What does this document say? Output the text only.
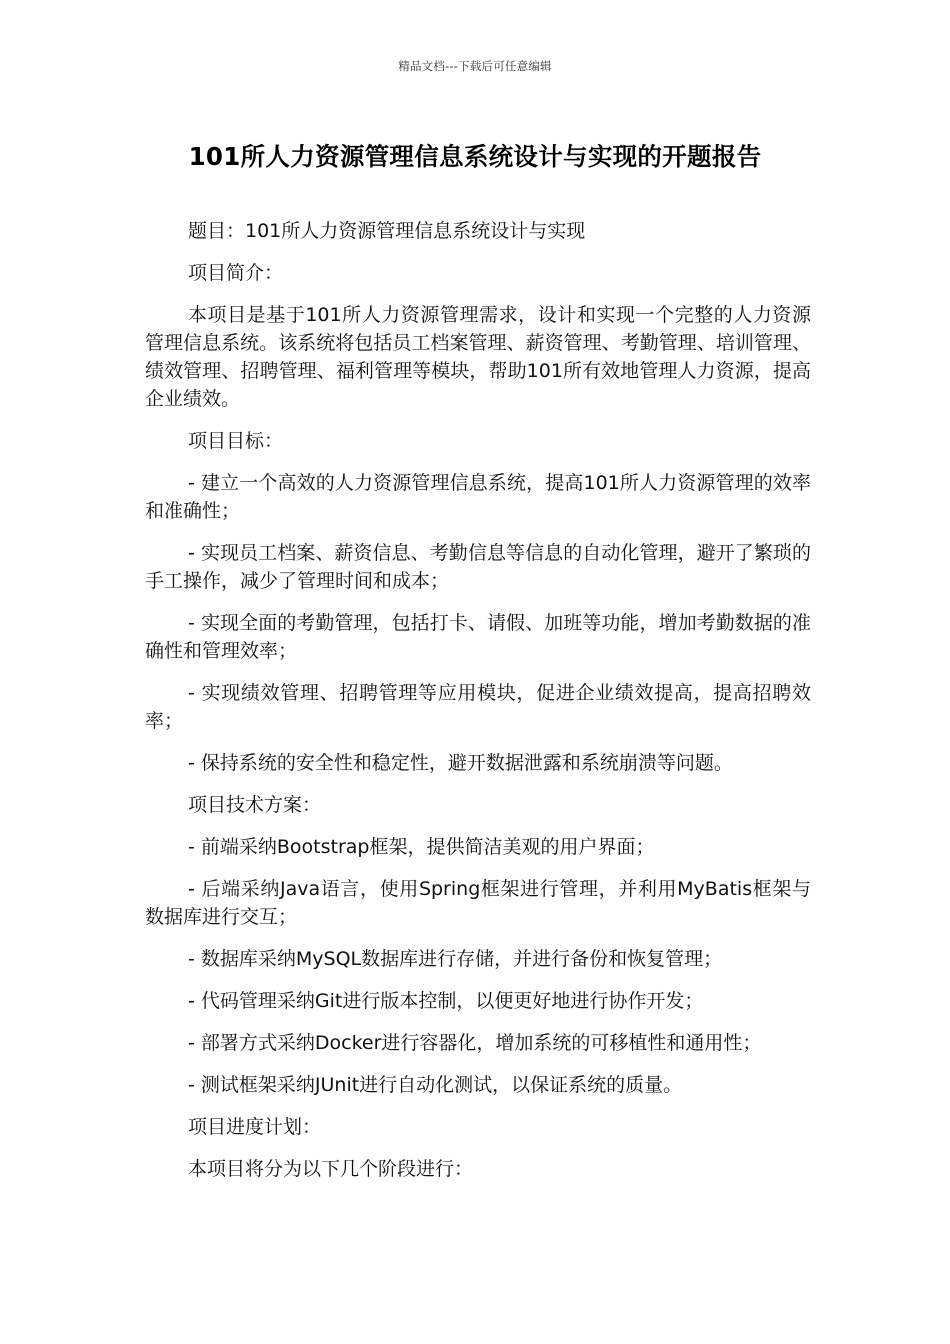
精品文档---下载后可任意编辑
101所人力资源管理信息系统设计与实现的开题报告

题目：101所人力资源管理信息系统设计与实现

项目简介：

本项目是基于101所人力资源管理需求，设计和实现一个完整的人力资源管理信息系统。该系统将包括员工档案管理、薪资管理、考勤管理、培训管理、绩效管理、招聘管理、福利管理等模块，帮助101所有效地管理人力资源，提高企业绩效。

项目目标：

- 建立一个高效的人力资源管理信息系统，提高101所人力资源管理的效率和准确性；

- 实现员工档案、薪资信息、考勤信息等信息的自动化管理，避开了繁琐的手工操作，减少了管理时间和成本；

- 实现全面的考勤管理，包括打卡、请假、加班等功能，增加考勤数据的准确性和管理效率；

- 实现绩效管理、招聘管理等应用模块，促进企业绩效提高，提高招聘效率；

- 保持系统的安全性和稳定性，避开数据泄露和系统崩溃等问题。

项目技术方案：

- 前端采纳Bootstrap框架，提供简洁美观的用户界面；

- 后端采纳Java语言，使用Spring框架进行管理，并利用MyBatis框架与数据库进行交互；

- 数据库采纳MySQL数据库进行存储，并进行备份和恢复管理；

- 代码管理采纳Git进行版本控制，以便更好地进行协作开发；

- 部署方式采纳Docker进行容器化，增加系统的可移植性和通用性；

- 测试框架采纳JUnit进行自动化测试，以保证系统的质量。

项目进度计划：

本项目将分为以下几个阶段进行：
